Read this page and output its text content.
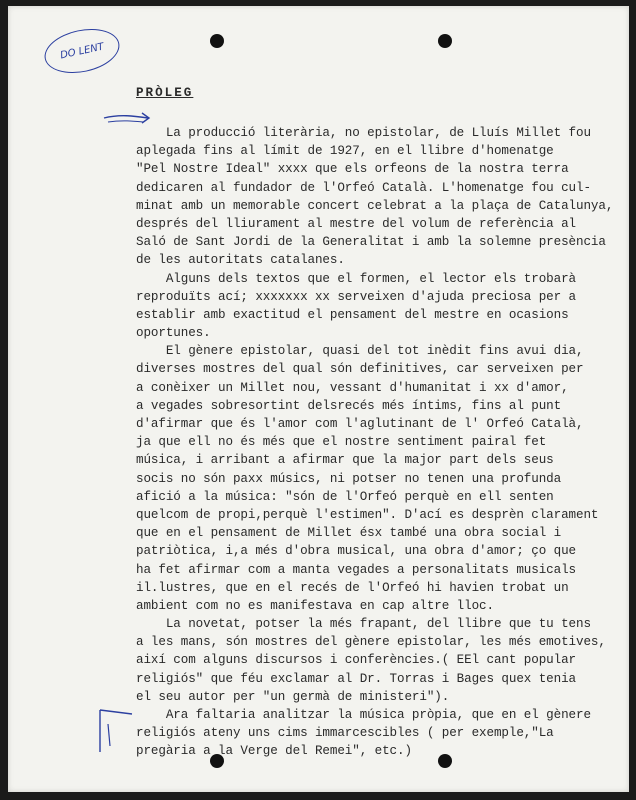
DO LENT
PRÒLEG
La producció literària, no epistolar, de Lluís Millet fou
aplegada fins al límit de 1927, en el llibre d'homenatge
"Pel Nostre Ideal" xxxx que els orfeons de la nostra terra
dedicaren al fundador de l'Orfeó Català. L'homenatge fou cul-
minat amb un memorable concert celebrat a la plaça de Catalunya,
després del lliurament al mestre del volum de referència al
Saló de Sant Jordi de la Generalitat i amb la solemne presència
de les autoritats catalanes.
Alguns dels textos que el formen, el lector els trobarà
reproduïts ací; xxxxxxx xx serveixen d'ajuda preciosa per a
establir amb exactitud el pensament del mestre en ocasions
oportunes.
El gènere epistolar, quasi del tot inèdit fins avui dia,
diverses mostres del qual són definitives, car serveixen per
a conèixer un Millet nou, vessant d'humanitat i xx d'amor,
a vegades sobresortint delsrecés més íntims, fins al punt
d'afirmar que és l'amor com l'aglutinant de l' Orfeó Català,
ja que ell no és més que el nostre sentiment pairal fet
música, i arribant a afirmar que la major part dels seus
socis no són paxx músics, ni potser no tenen una profunda
afició a la música: "són de l'Orfeó perquè en ell senten
quelcom de propi,perquè l'estimen". D'ací es desprèn clarament
que en el pensament de Millet ésx també una obra social i
patriòtica, i,a més d'obra musical, una obra d'amor; ço que
ha fet afirmar com a manta vegades a personalitats musicals
il.lustres, que en el recés de l'Orfeó hi havien trobat un
ambient com no es manifestava en cap altre lloc.
La novetat, potser la més frapant, del llibre que tu tens
a les mans, són mostres del gènere epistolar, les més emotives,
així com alguns discursos i conferències.( EEl cant popular
religiós" que féu exclamar al Dr. Torras i Bages quex tenia
el seu autor per "un germà de ministeri").
Ara faltaria analitzar la música pròpia, que en el gènere
religiós ateny uns cims immarcescibles ( per exemple,"La
pregària a la Verge del Remei", etc.)
